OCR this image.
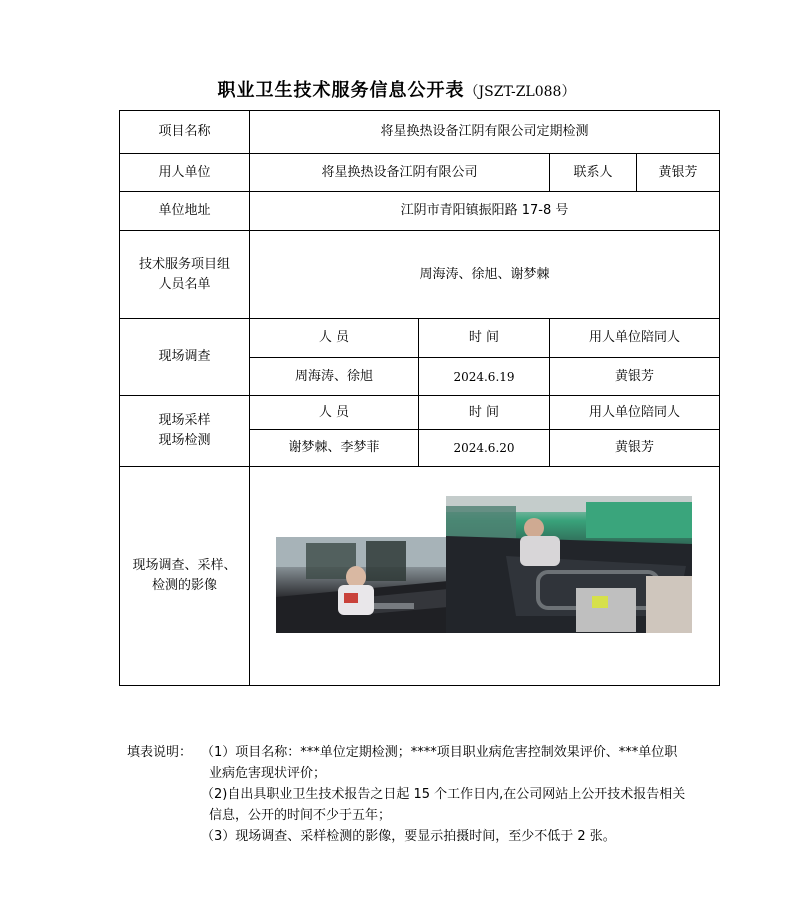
职业卫生技术服务信息公开表（JSZT-ZL088）
项目名称	将星换热设备江阴有限公司定期检测			
用人单位	将星换热设备江阴有限公司		联系人	黄银芳
单位地址	江阴市青阳镇振阳路 17-8 号			

技术服务项目组
人员名单	周海涛、徐旭、谢梦棘			
现场调查	人 员	时 间	用人单位陪同人	
	周海涛、徐旭	2024.6.19	黄银芳	

现场采样
现场检测	人 员	时 间	用人单位陪同人	
	谢梦棘、李梦菲	2024.6.20	黄银芳	

现场调查、采样、
检测的影像

填表说明： （1）项目名称：***单位定期检测；****项目职业病危害控制效果评价、***单位职
业病危害现状评价；
（2)自出具职业卫生技术报告之日起 15 个工作日内,在公司网站上公开技术报告相关
信息，公开的时间不少于五年；
（3）现场调查、采样检测的影像，要显示拍摄时间，至少不低于 2 张。
